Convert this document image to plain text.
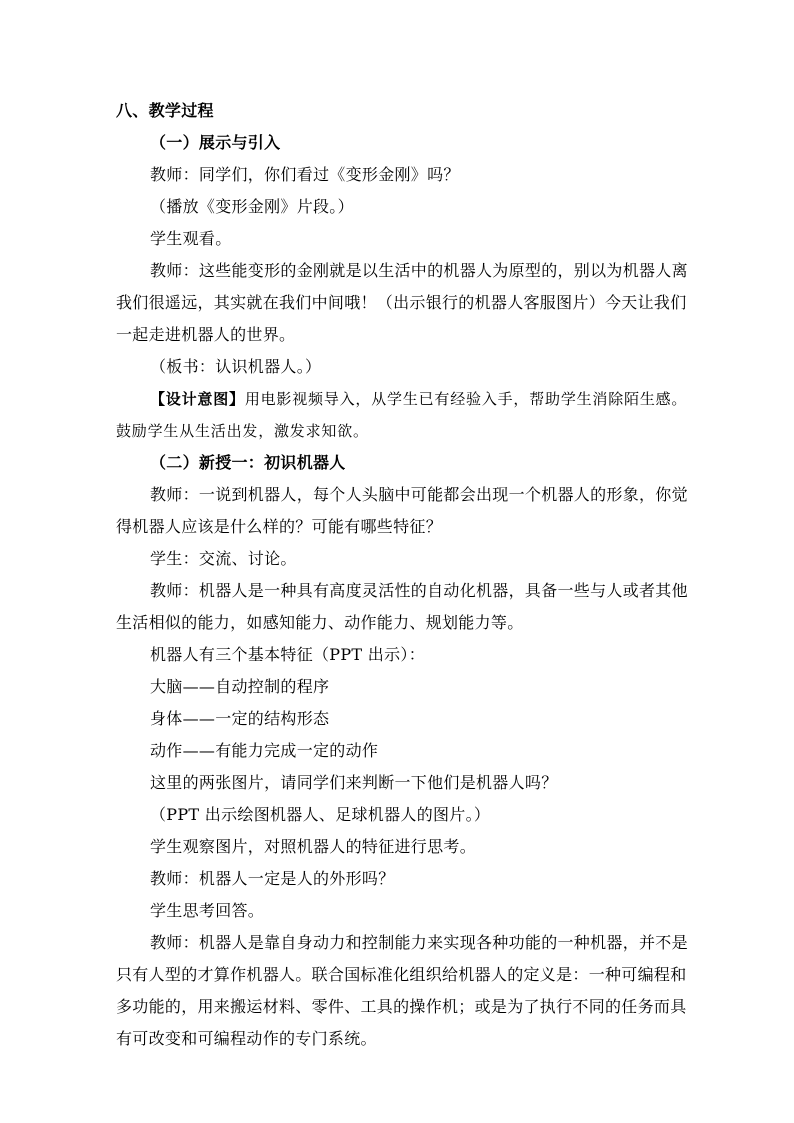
八、教学过程
（一）展示与引入
教师：同学们，你们看过《变形金刚》吗？
（播放《变形金刚》片段。）
学生观看。
教师：这些能变形的金刚就是以生活中的机器人为原型的，别以为机器人离
我们很遥远，其实就在我们中间哦！（出示银行的机器人客服图片）今天让我们
一起走进机器人的世界。
（板书：认识机器人。）
【设计意图】用电影视频导入，从学生已有经验入手，帮助学生消除陌生感。
鼓励学生从生活出发，激发求知欲。
（二）新授一：初识机器人
教师：一说到机器人，每个人头脑中可能都会出现一个机器人的形象，你觉
得机器人应该是什么样的？可能有哪些特征？
学生：交流、讨论。
教师：机器人是一种具有高度灵活性的自动化机器，具备一些与人或者其他
生活相似的能力，如感知能力、动作能力、规划能力等。
机器人有三个基本特征（PPT 出示）：
大脑——自动控制的程序
身体——一定的结构形态
动作——有能力完成一定的动作
这里的两张图片，请同学们来判断一下他们是机器人吗？
（PPT 出示绘图机器人、足球机器人的图片。）
学生观察图片，对照机器人的特征进行思考。
教师：机器人一定是人的外形吗？
学生思考回答。
教师：机器人是靠自身动力和控制能力来实现各种功能的一种机器，并不是
只有人型的才算作机器人。联合国标准化组织给机器人的定义是：一种可编程和
多功能的，用来搬运材料、零件、工具的操作机；或是为了执行不同的任务而具
有可改变和可编程动作的专门系统。
